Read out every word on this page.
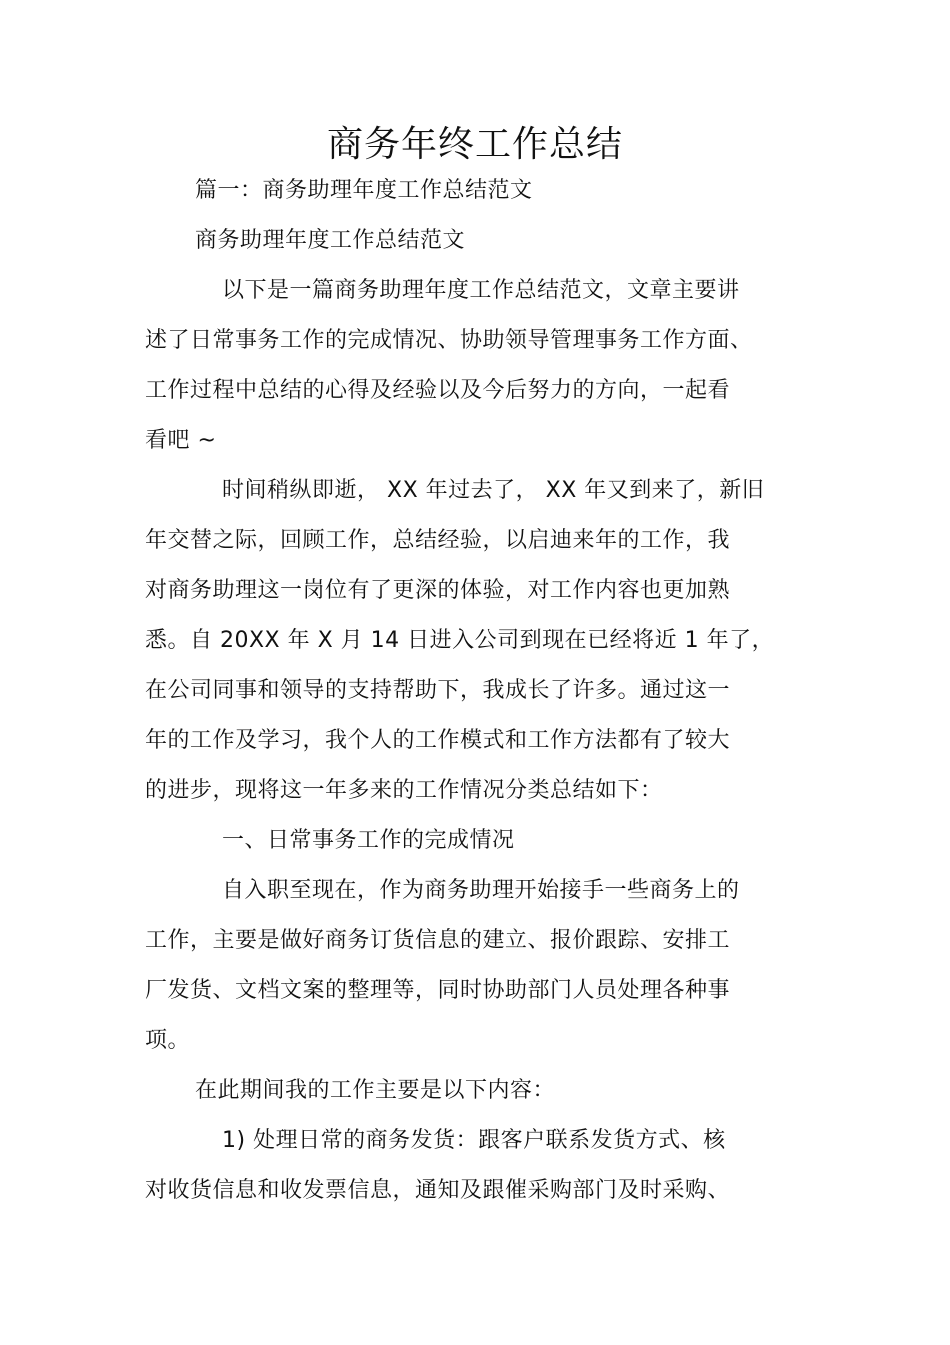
商务年终工作总结
篇一：商务助理年度工作总结范文
商务助理年度工作总结范文
以下是一篇商务助理年度工作总结范文，文章主要讲
述了日常事务工作的完成情况、协助领导管理事务工作方面、
工作过程中总结的心得及经验以及今后努力的方向，一起看
看吧 ~
时间稍纵即逝， XX 年过去了， XX 年又到来了，新旧
年交替之际，回顾工作，总结经验，以启迪来年的工作，我
对商务助理这一岗位有了更深的体验，对工作内容也更加熟
悉。自 20XX 年 X 月 14 日进入公司到现在已经将近 1 年了，
在公司同事和领导的支持帮助下，我成长了许多。通过这一
年的工作及学习，我个人的工作模式和工作方法都有了较大
的进步，现将这一年多来的工作情况分类总结如下：
一、日常事务工作的完成情况
自入职至现在，作为商务助理开始接手一些商务上的
工作，主要是做好商务订货信息的建立、报价跟踪、安排工
厂发货、文档文案的整理等，同时协助部门人员处理各种事
项。
在此期间我的工作主要是以下内容：
1) 处理日常的商务发货：跟客户联系发货方式、核
对收货信息和收发票信息，通知及跟催采购部门及时采购、
